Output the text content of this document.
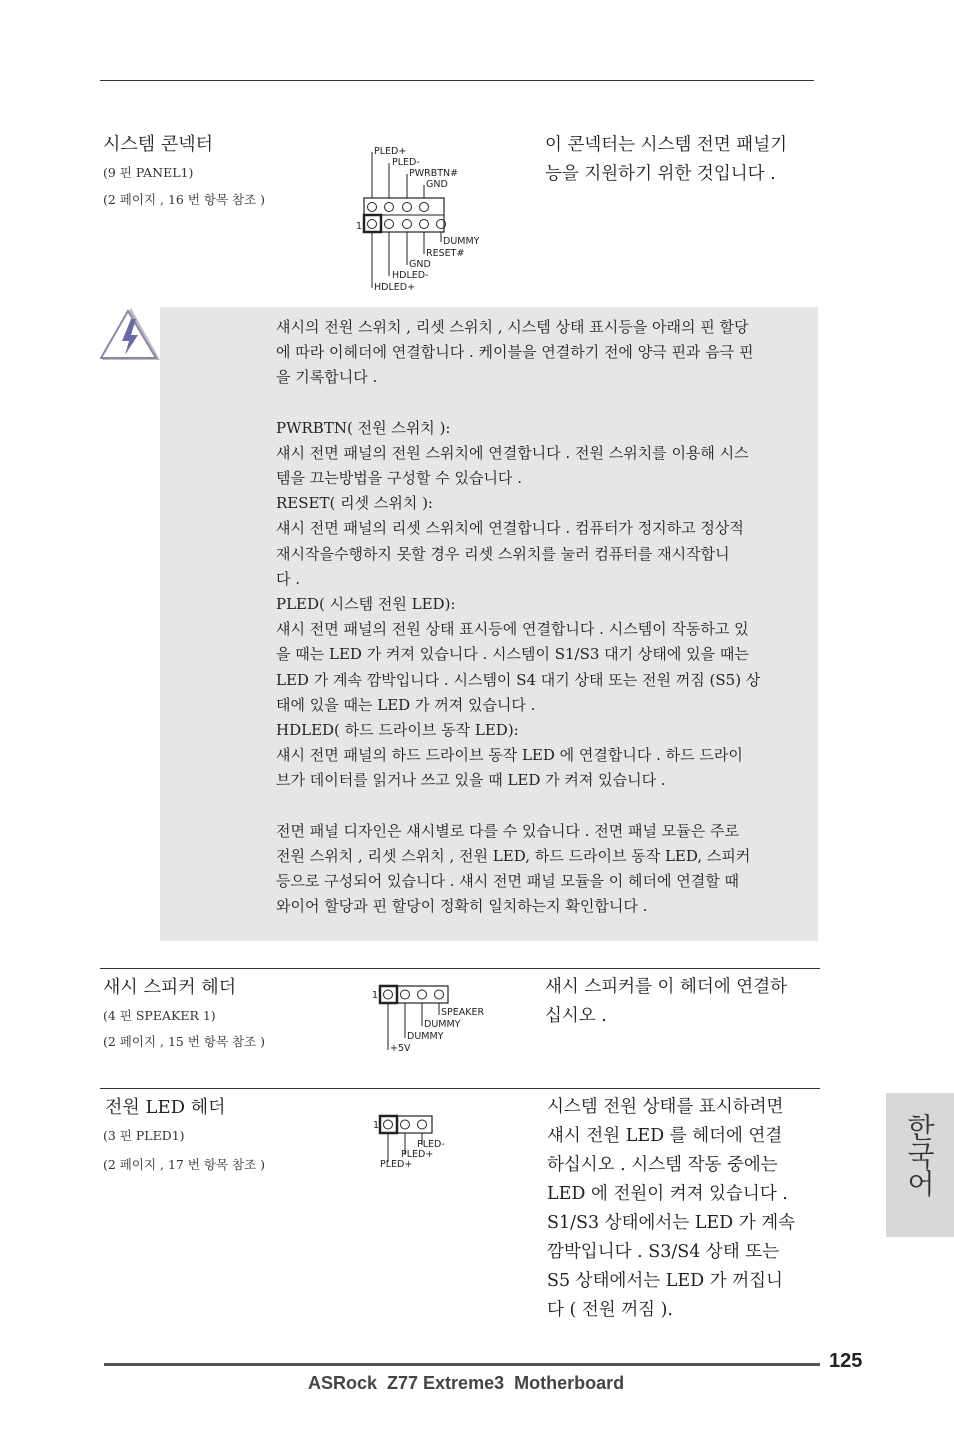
시스템 콘넥터
(9 핀 PANEL1)
(2 페이지 , 16 번 항목 참조 )
이 콘넥터는 시스템 전면 패널기
능을 지원하기 위한 것입니다 .
1
PLED+
PLED-
PWRBTN#
GND
DUMMY
RESET#
GND
HDLED-
HDLED+

섀시의 전원 스위치 , 리셋 스위치 , 시스템 상태 표시등을 아래의 핀 할당

에 따라 이헤더에 연결합니다 . 케이블을 연결하기 전에 양극 핀과 음극 핀

을 기록합니다 .

PWRBTN( 전원 스위치 ):

섀시 전면 패널의 전원 스위치에 연결합니다 . 전원 스위치를 이용해 시스

템을 끄는방법을 구성할 수 있습니다 .

RESET( 리셋 스위치 ):

섀시 전면 패널의 리셋 스위치에 연결합니다 . 컴퓨터가 정지하고 정상적

재시작을수행하지 못할 경우 리셋 스위치를 눌러 컴퓨터를 재시작합니

다 .

PLED( 시스템 전원 LED):

섀시 전면 패널의 전원 상태 표시등에 연결합니다 . 시스템이 작동하고 있

을 때는 LED 가 켜져 있습니다 . 시스템이 S1/S3 대기 상태에 있을 때는

LED 가 계속 깜박입니다 . 시스템이 S4 대기 상태 또는 전원 꺼짐 (S5) 상

태에 있을 때는 LED 가 꺼져 있습니다 .

HDLED( 하드 드라이브 동작 LED):

섀시 전면 패널의 하드 드라이브 동작 LED 에 연결합니다 . 하드 드라이

브가 데이터를 읽거나 쓰고 있을 때 LED 가 켜져 있습니다 .

전면 패널 디자인은 섀시별로 다를 수 있습니다 . 전면 패널 모듈은 주로

전원 스위치 , 리셋 스위치 , 전원 LED, 하드 드라이브 동작 LED, 스피커

등으로 구성되어 있습니다 . 섀시 전면 패널 모듈을 이 헤더에 연결할 때

와이어 할당과 핀 할당이 정확히 일치하는지 확인합니다 .

새시 스피커 헤더
(4 핀 SPEAKER 1)
(2 페이지 , 15 번 항목 참조 )
새시 스피커를 이 헤더에 연결하
십시오 .
1
SPEAKER
DUMMY
DUMMY
+5V
전원 LED 헤더
(3 핀 PLED1)
(2 페이지 , 17 번 항목 참조 )
시스템 전원 상태를 표시하려면
섀시 전원 LED 를 헤더에 연결
하십시오 . 시스템 작동 중에는
LED 에 전원이 켜져 있습니다 .
S1/S3 상태에서는 LED 가 계속
깜박입니다 . S3/S4 상태 또는
S5 상태에서는 LED 가 꺼집니
다 ( 전원 꺼짐 ).
1
PLED-
PLED+
PLED+	한국어
125
ASRock  Z77 Extreme3  Motherboard
